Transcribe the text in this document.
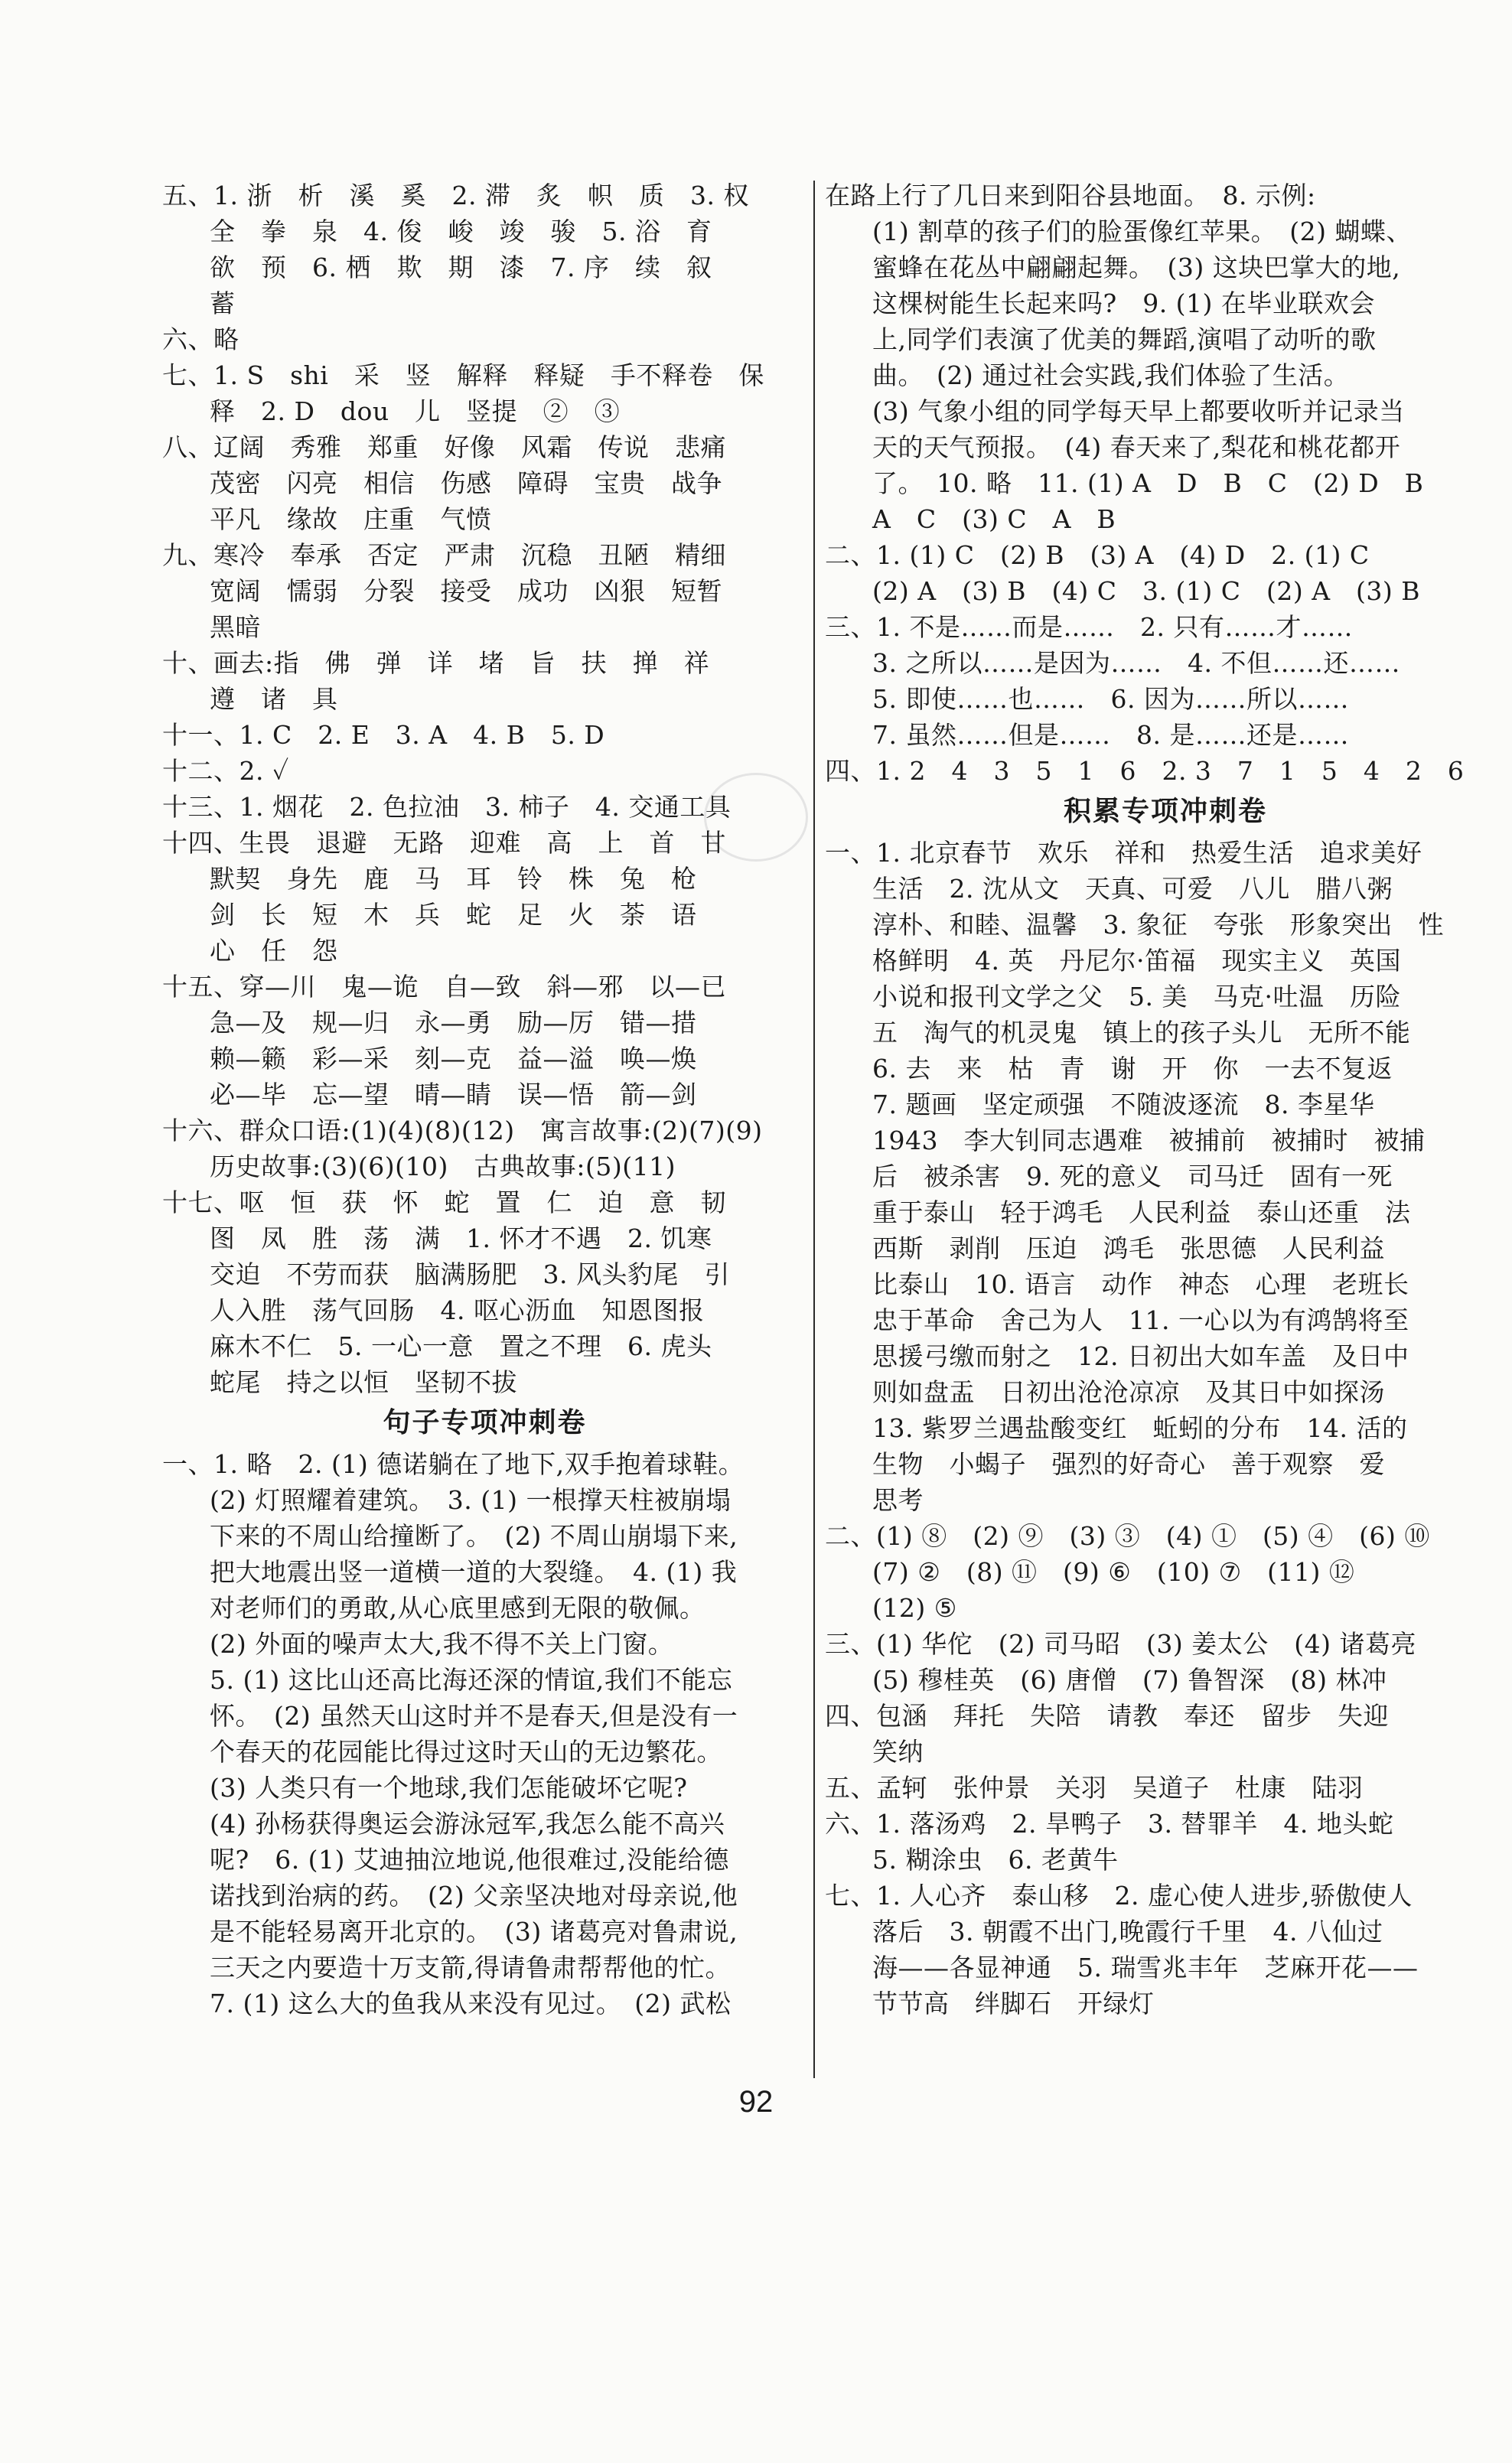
五、1. 浙　析　溪　奚　2. 滞　炙　帜　质　3. 权
全　拳　泉　4. 俊　峻　竣　骏　5. 浴　育
欲　预　6. 栖　欺　期　漆　7. 序　续　叙
蓄
六、略
七、1. S　shi　采　竖　解释　释疑　手不释卷　保
释　2. D　dou　儿　竖提　②　③
八、辽阔　秀雅　郑重　好像　风霜　传说　悲痛
茂密　闪亮　相信　伤感　障碍　宝贵　战争
平凡　缘故　庄重　气愤
九、寒冷　奉承　否定　严肃　沉稳　丑陋　精细
宽阔　懦弱　分裂　接受　成功　凶狠　短暂
黑暗
十、画去:指　佛　弹　详　堵　旨　扶　掸　祥
遵　诸　具
十一、1. C　2. E　3. A　4. B　5. D
十二、2. ✓
十三、1. 烟花　2. 色拉油　3. 柿子　4. 交通工具
十四、生畏　退避　无路　迎难　高　上　首　甘
默契　身先　鹿　马　耳　铃　株　兔　枪
剑　长　短　木　兵　蛇　足　火　荼　语
心　任　怨
十五、穿—川　鬼—诡　自—致　斜—邪　以—已
急—及　规—归　永—勇　励—厉　错—措
赖—籁　彩—采　刻—克　益—溢　唤—焕
必—毕　忘—望　晴—睛　误—悟　箭—剑
十六、群众口语:(1)(4)(8)(12)　寓言故事:(2)(7)(9)
历史故事:(3)(6)(10)　古典故事:(5)(11)
十七、呕　恒　获　怀　蛇　置　仁　迫　意　韧
图　凤　胜　荡　满　1. 怀才不遇　2. 饥寒
交迫　不劳而获　脑满肠肥　3. 风头豹尾　引
人入胜　荡气回肠　4. 呕心沥血　知恩图报
麻木不仁　5. 一心一意　置之不理　6. 虎头
蛇尾　持之以恒　坚韧不拔
句子专项冲刺卷
一、1. 略　2. (1) 德诺躺在了地下,双手抱着球鞋。
(2) 灯照耀着建筑。　3. (1) 一根撑天柱被崩塌
下来的不周山给撞断了。　(2) 不周山崩塌下来,
把大地震出竖一道横一道的大裂缝。　4. (1) 我
对老师们的勇敢,从心底里感到无限的敬佩。
(2) 外面的噪声太大,我不得不关上门窗。
5. (1) 这比山还高比海还深的情谊,我们不能忘
怀。　(2) 虽然天山这时并不是春天,但是没有一
个春天的花园能比得过这时天山的无边繁花。
(3) 人类只有一个地球,我们怎能破坏它呢?
(4) 孙杨获得奥运会游泳冠军,我怎么能不高兴
呢?　6. (1) 艾迪抽泣地说,他很难过,没能给德
诺找到治病的药。　(2) 父亲坚决地对母亲说,他
是不能轻易离开北京的。　(3) 诸葛亮对鲁肃说,
三天之内要造十万支箭,得请鲁肃帮帮他的忙。
7. (1) 这么大的鱼我从来没有见过。　(2) 武松
在路上行了几日来到阳谷县地面。　8. 示例:
(1) 割草的孩子们的脸蛋像红苹果。　(2) 蝴蝶、
蜜蜂在花丛中翩翩起舞。　(3) 这块巴掌大的地,
这棵树能生长起来吗?　9. (1) 在毕业联欢会
上,同学们表演了优美的舞蹈,演唱了动听的歌
曲。　(2) 通过社会实践,我们体验了生活。
(3) 气象小组的同学每天早上都要收听并记录当
天的天气预报。　(4) 春天来了,梨花和桃花都开
了。　10. 略　11. (1) A　D　B　C　(2) D　B
A　C　(3) C　A　B
二、1. (1) C　(2) B　(3) A　(4) D　2. (1) C
(2) A　(3) B　(4) C　3. (1) C　(2) A　(3) B
三、1. 不是……而是……　2. 只有……才……
3. 之所以……是因为……　4. 不但……还……
5. 即使……也……　6. 因为……所以……
7. 虽然……但是……　8. 是……还是……
四、1. 2　4　3　5　1　6　2. 3　7　1　5　4　2　6
积累专项冲刺卷
一、1. 北京春节　欢乐　祥和　热爱生活　追求美好
生活　2. 沈从文　天真、可爱　八儿　腊八粥
淳朴、和睦、温馨　3. 象征　夸张　形象突出　性
格鲜明　4. 英　丹尼尔·笛福　现实主义　英国
小说和报刊文学之父　5. 美　马克·吐温　历险
五　淘气的机灵鬼　镇上的孩子头儿　无所不能
6. 去　来　枯　青　谢　开　你　一去不复返
7. 题画　坚定顽强　不随波逐流　8. 李星华
1943　李大钊同志遇难　被捕前　被捕时　被捕
后　被杀害　9. 死的意义　司马迁　固有一死
重于泰山　轻于鸿毛　人民利益　泰山还重　法
西斯　剥削　压迫　鸿毛　张思德　人民利益
比泰山　10. 语言　动作　神态　心理　老班长
忠于革命　舍己为人　11. 一心以为有鸿鹄将至
思援弓缴而射之　12. 日初出大如车盖　及日中
则如盘盂　日初出沧沧凉凉　及其日中如探汤
13. 紫罗兰遇盐酸变红　蚯蚓的分布　14. 活的
生物　小蝎子　强烈的好奇心　善于观察　爱
思考
二、(1) ⑧　(2) ⑨　(3) ③　(4) ①　(5) ④　(6) ⑩
(7) ②　(8) ⑪　(9) ⑥　(10) ⑦　(11) ⑫
(12) ⑤
三、(1) 华佗　(2) 司马昭　(3) 姜太公　(4) 诸葛亮
(5) 穆桂英　(6) 唐僧　(7) 鲁智深　(8) 林冲
四、包涵　拜托　失陪　请教　奉还　留步　失迎
笑纳
五、孟轲　张仲景　关羽　吴道子　杜康　陆羽
六、1. 落汤鸡　2. 旱鸭子　3. 替罪羊　4. 地头蛇
5. 糊涂虫　6. 老黄牛
七、1. 人心齐　泰山移　2. 虚心使人进步,骄傲使人
落后　3. 朝霞不出门,晚霞行千里　4. 八仙过
海——各显神通　5. 瑞雪兆丰年　芝麻开花——
节节高　绊脚石　开绿灯
92
